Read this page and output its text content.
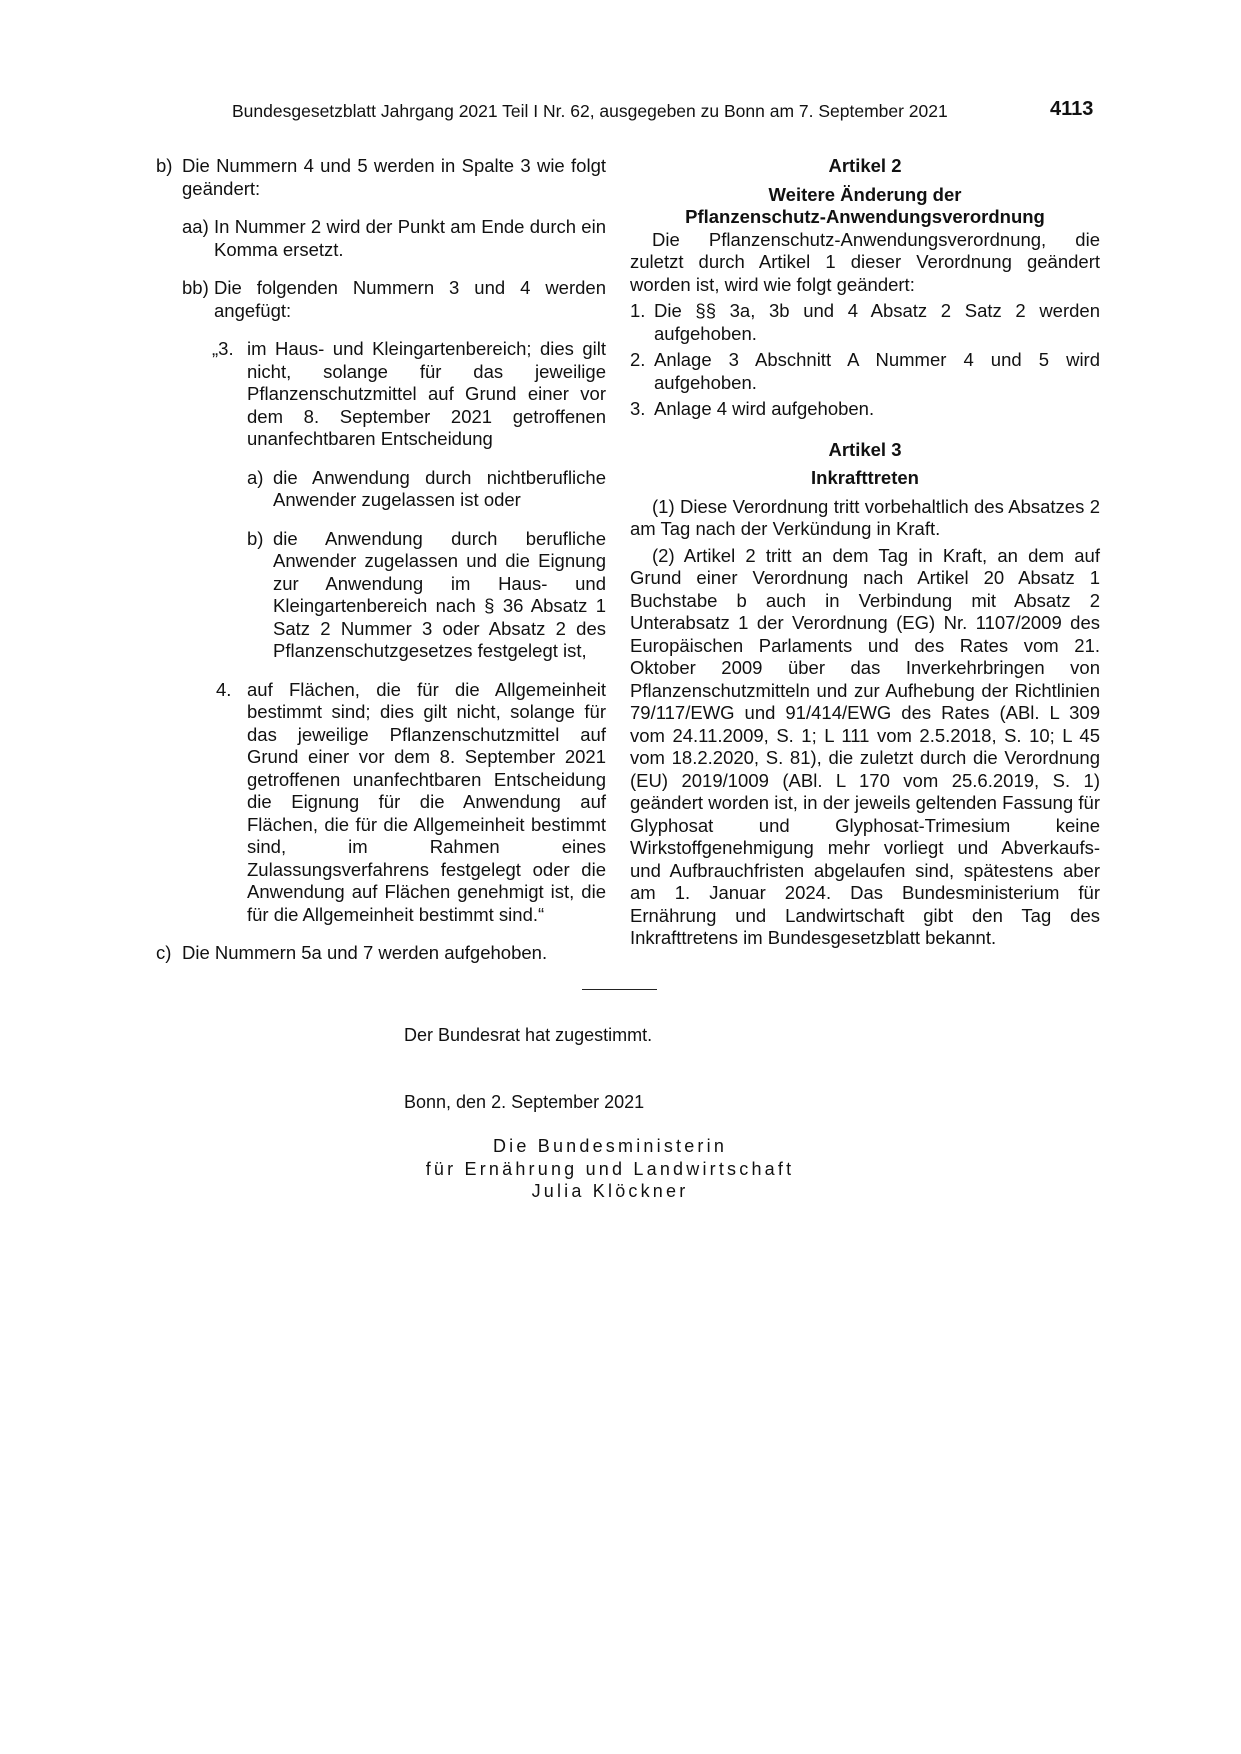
Bundesgesetzblatt Jahrgang 2021 Teil I Nr. 62, ausgegeben zu Bonn am 7. September 2021	4113
b) Die Nummern 4 und 5 werden in Spalte 3 wie folgt geändert:

aa) In Nummer 2 wird der Punkt am Ende durch ein Komma ersetzt.

bb) Die folgenden Nummern 3 und 4 werden angefügt:

„3. im Haus- und Kleingartenbereich; dies gilt nicht, solange für das jeweilige Pflanzenschutzmittel auf Grund einer vor dem 8. September 2021 getroffenen unanfechtbaren Entscheidung

a) die Anwendung durch nichtberufliche Anwender zugelassen ist oder

b) die Anwendung durch berufliche Anwender zugelassen und die Eignung zur Anwendung im Haus- und Kleingartenbereich nach § 36 Absatz 1 Satz 2 Nummer 3 oder Absatz 2 des Pflanzenschutzgesetzes festgelegt ist,

4. auf Flächen, die für die Allgemeinheit bestimmt sind; dies gilt nicht, solange für das jeweilige Pflanzenschutzmittel auf Grund einer vor dem 8. September 2021 getroffenen unanfechtbaren Entscheidung die Eignung für die Anwendung auf Flächen, die für die Allgemeinheit bestimmt sind, im Rahmen eines Zulassungsverfahrens festgelegt oder die Anwendung auf Flächen genehmigt ist, die für die Allgemeinheit bestimmt sind.“

c) Die Nummern 5a und 7 werden aufgehoben.

Artikel 2

Weitere Änderung der

Pflanzenschutz-Anwendungsverordnung

Die Pflanzenschutz-Anwendungsverordnung, die zuletzt durch Artikel 1 dieser Verordnung geändert worden ist, wird wie folgt geändert:

1. Die §§ 3a, 3b und 4 Absatz 2 Satz 2 werden aufgehoben.

2. Anlage 3 Abschnitt A Nummer 4 und 5 wird aufgehoben.

3. Anlage 4 wird aufgehoben.

Artikel 3

Inkrafttreten

(1) Diese Verordnung tritt vorbehaltlich des Absatzes 2 am Tag nach der Verkündung in Kraft.

(2) Artikel 2 tritt an dem Tag in Kraft, an dem auf Grund einer Verordnung nach Artikel 20 Absatz 1 Buchstabe b auch in Verbindung mit Absatz 2 Unterabsatz 1 der Verordnung (EG) Nr. 1107/2009 des Europäischen Parlaments und des Rates vom 21. Oktober 2009 über das Inverkehrbringen von Pflanzenschutzmitteln und zur Aufhebung der Richtlinien 79/117/EWG und 91/414/EWG des Rates (ABl. L 309 vom 24.11.2009, S. 1; L 111 vom 2.5.2018, S. 10; L 45 vom 18.2.2020, S. 81), die zuletzt durch die Verordnung (EU) 2019/1009 (ABl. L 170 vom 25.6.2019, S. 1) geändert worden ist, in der jeweils geltenden Fassung für Glyphosat und Glyphosat-Trimesium keine Wirkstoffgenehmigung mehr vorliegt und Abverkaufs- und Aufbrauchfristen abgelaufen sind, spätestens aber am 1. Januar 2024. Das Bundesministerium für Ernährung und Landwirtschaft gibt den Tag des Inkrafttretens im Bundesgesetzblatt bekannt.

Der Bundesrat hat zugestimmt.

Bonn, den 2. September 2021

Die Bundesministerin

für Ernährung und Landwirtschaft

Julia Klöckner
